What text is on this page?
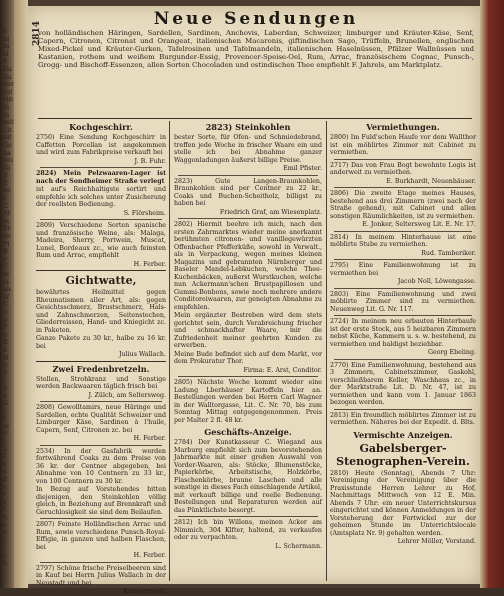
6
bi
bi
ei
ß
Da
Ra
der
rid
ein
in
in
mit
Lit
nit
Ge
ha
bei
Gi
B
E
be
v
C
Ar
m
Er
de
Pi
B
e
C
m
ei
an
W
C
ti
d
P
h
R
d
N
b
3
i
S
d
G
l
f
m
d
i
u
f
v
a
d
e
r
s
t
h
e
n
l
i
c
h
.
2814
Neue Sendungen
von holländischen Häringen, Sardellen, Sardinen, Anchovis, Laberdan, Schweizer, limburger und Kräuter-Käse, Senf, Capern, Citronen, Citronat und Orangeat, italienischen Macaronis, giftindischen Sago, Trüffeln, Brunellen, englischen Mixed-Pickel und Kräuter-Gurken, Tafelrosinen und Tafelmandeln, italienischen Haselnüssen, Pfälzer Wallnüssen und Kastanien, rothem und weißem Burgunder-Essig, Provencer-Speise-Oel, Rum, Arrac, französischem Cognac, Punsch-, Grogg- und Bischoff-Essenzen, allen Sorten Chocoladen und ostindischen Thee empfiehlt F. Jahrels, am Marktplatz.
Kochgeschirr.
2750) Eine Sendung Kochgeschirr in Caffetten Porcellan ist angekommen und wird zum Fabrikpreise verkauft bei
J. B. Fuhr.
2824) Mein Pelzwaaren-Lager ist nach der Sondheimer Straße verlegt
ist auf's Reichhaltigste sortirt und empfehle ich solches unter Zusicherung der reellsten Bedienung.
S. Flörsheim.
2809) Verschiedene Sorten spanische und französische Weine, als: Malaga, Madeira, Sherry, Portwein, Muscat, Lunel, Bordeaux zc., wie auch feinsten Rum und Arrac, empfiehlt
H. Ferber.
Gichtwatte,
bewährtes Heilmittel gegen Rheumatismen aller Art, als: gegen Gesichtsschmerz, Brustschmerz, Hals- und Zahnschmerzen, Seitenstechen, Gliederreissen, Hand- und Kniegicht zc. in Paketen.
Ganze Pakete zu 30 kr., halbe zu 16 kr. bei
Julius Wallach.
Zwei Fredenbretzeln.
Stellen, Strohkranz und Sonstige werden Backwaaren täglich frisch bei
J. Zülch, am Seltersweg.
2808) Gewolltamirs, neue Häringe und Sardellen, echte Qualität Schweizer und Limburger Käse, Sardinen à l'huile, Capern, Senf, Citronen zc. bei
H. Ferber.
2534) In der Gasfabrik werden fortwährend Coaks zu dem Preise von 36 kr. der Centner abgegeben, bei Abnahme von 10 Centnern zu 33 kr., von 100 Centnern zu 30 kr.
In Bezug auf Vorstehendes bitten diejenigen, den Steinkohlen völlig gleich, in Beziehung auf Brennkraft und Geruchlosigkeit sie sind dem Beilaufen.
2807) Feinste Holländischen Arrac und Rum, sowie verschiedene Punsch-Royal-Effigie, in ganzen und halben Flaschen, bei
H. Ferber.
2797) Schöne frische Preiselbeeren sind in Kauf bei Herrn Julius Wallach in der Neustadt und bei
Kreisverwalt.
2823) Steinkohlen
bester Sorte, für Ofen- und Schmiedebrand, treffen jede Woche in frischer Waare ein und stelle ich bei Abnahme ganzer Waggonladungen äußerst billige Preise.
Emil Pfister.
2823) Gute Langen-Braunkohlen, Braunkohlen sind per Centner zu 22 kr., Coaks und Buchen-Scheitholz, billigst zu haben bei
Friedrich Graf, am Wiesenplatz.
2802) Hiermit beehre ich mich, nach den ersten Zahrmarktes wieder meine anerkannt berühmten citronen- und vanillegewürzten Offenbacher Pfefferküße, sowohl in Verwalt., als in Verpackung, wegen meines kleinen Magazins und gebrannten Nürnberger und Baseler Mandel-Lebkuchen, welche Thee-Kuchenbäcken, außerst Wurstkuchen, welche nun Ackermann'schen Brustpapillosen und Gummi-Bonbons, sowie noch mehrere andere Conditoreiwaaren, zur geneigten Abnahme zu empfehlen.
Mein ergänzter Bestreben wird dem stets gerichtet sein, durch Verabreichung frischer und schmackhafter Waare, mir die Zufriedenheit meiner geehrten Kunden zu erwerben.
Meine Bude befindet sich auf dem Markt, vor dem Prokuratur Thor.
Firma: E. Arst, Conditor.
2805) Nächste Woche kommt wieder eine Ladung Lberhäuser Kartoffeln hier an. Bestellungen werden bei Herrn Carl Wagner in der Walltorgasse, Lit. C. Nr. 70, bis zum Sonntag Mittag entgegengenommen. Preis per Malter 2 fl. 48 kr.
Geschäfts-Anzeige.
2784) Der Kunstkasseur C. Wiegand aus Marburg empfiehlt sich zum bevorstehenden Jahrmarkte mit einer großen Auswahl von Vorder-Waaren, als: Stöcke, Blumenstöcke, Papierkörbe, Arbeitstische, Holzkörbe, Flaschenkörbe, braune Laschen und alle sonstige in dieses Fach einschlagende Artikel, mit verkauft billige und reelle Bedienung. Bestellungen und Reparaturen werden auf das Pünktlichste besorgt.
2812) Ich bin Willens, meinen Acker am Nimmich, 304 Klfter, haltend, zu verkaufen oder zu verpachten.
L. Schermann.
Vermiethungen.
2800) Im Fuld'schen Haufe vor dem Wallthor ist ein möblirtes Zimmer mit Cabinet zu vermiethen.
2717) Das von Frau Bogt bewohnte Logis ist anderweit zu vermiethen.
E. Burkhardt, Neuenhäuser.
2806) Die zweite Etage meines Hauses, bestehend aus drei Zimmern (zwei nach der Straße gehend), mit Cabinet und allen sonstigen Räumlichkeiten, ist zu vermiethen.
E. Jonker, Seltersweg Lit. E. Nr. 17.
2814) In meinem Hinterhause ist eine möblirte Stube zu vermiethen.
Rud. Tamberiker.
2795) Eine Familienwohnung ist zu vermiethen bei
Jacob Noll, Löwengasse.
2803) Eine Familienwohnung und zwei möblirte Zimmer sind zu vermiethen. Neuenweg Lit. G. Nr. 117.
2724) In meinem neu erbauten Hinterbaufe ist der erste Stock, aus 5 heizbaren Zimmern nebst Küche, Kammern u. s. w. bestehend, zu vermiethen und baldigst beziehbar.
Georg Ebeling.
2770) Eine Familienwohnung, bestehend aus 3 Zimmern, Cabinetszimmer, Gaskohl, verschließbarem Keller, Waschhaus zc., in der Marktstraße Lit. D. Nr. 47, ist zu vermiethen und kann vom 1. Januar 1863 bezogen werden.
2813) Ein freundlich möblirtes Zimmer ist zu vermiethen. Näheres bei der Expedit. d. Blts.
Vermischte Anzeigen.
Gabelsberger-Stenographen-Verein.
2810) Heute (Sonntag), Abends 7 Uhr: Vereinigung der Vereinigung über die Praxisstunde Herren Lehrer zu Hof, Nachmittags Mittwoch von 12 E. Min. Abends 7 Uhr: ein neuer Unterrichtskursus eingerichtet und können Anmeldungen in der Vorsteherung der Fortwickel zur der geheimen Stunde im Unterrichtslocale (Amtsplatz Nr. 9) gehalten werden.
Lehrer Möller, Vorstand.
